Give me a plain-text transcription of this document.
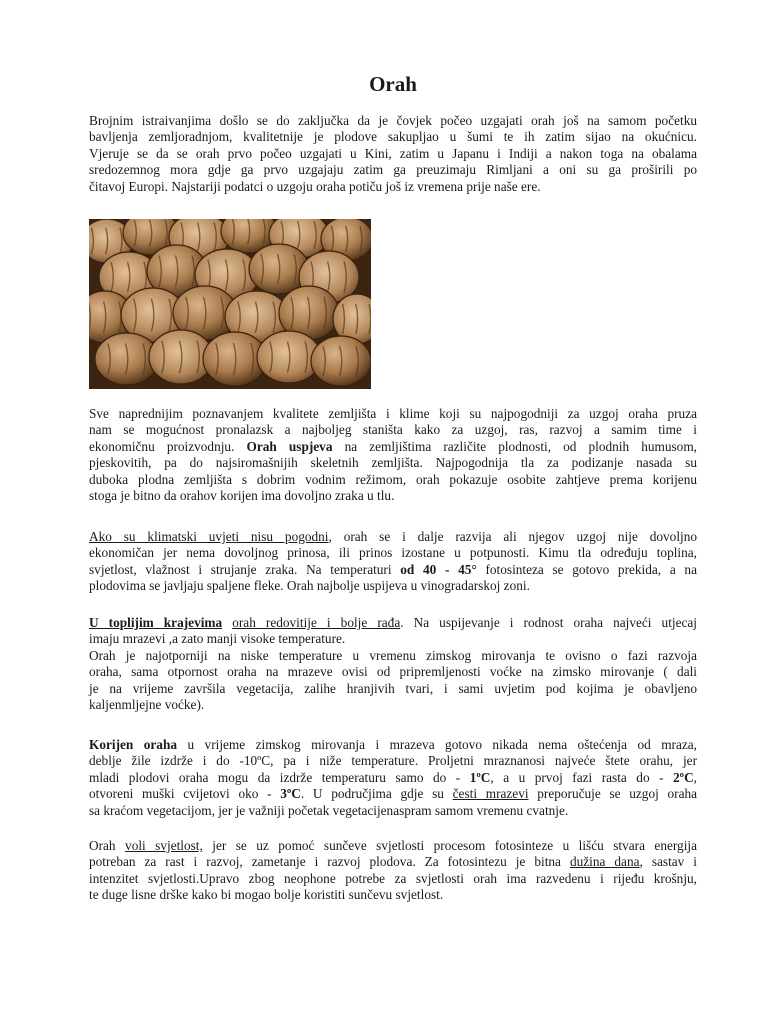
Orah

Brojnim istraivanjima došlo se do zaključka da je čovjek počeo uzgajati orah još na samom početku
bavljenja zemljoradnjom, kvalitetnije je plodove sakupljao u šumi te ih zatim sijao na okućnicu.
Vjeruje se da se orah prvo počeo uzgajati u Kini, zatim u Japanu i Indiji a nakon toga na obalama
sredozemnog mora gdje ga prvo uzgajaju zatim ga preuzimaju Rimljani a oni su ga proširili po
čitavoj Europi. Najstariji podatci o uzgoju oraha potiču još iz vremena prije naše ere.

Sve naprednijim poznavanjem kvalitete zemljišta i klime koji su najpogodniji za uzgoj oraha pruza
nam se mogućnost pronalazsk a najboljeg staništa kako za uzgoj, ras, razvoj a samim time i
ekonomičnu proizvodnju. Orah uspjeva na zemljištima različite plodnosti, od plodnih humusom,
pjeskovitih, pa do najsiromašnijih skeletnih zemljišta. Najpogodnija tla za podizanje nasada su
duboka plodna zemljišta s dobrim vodnim režimom, orah pokazuje osobite zahtjeve prema korijenu
stoga je bitno da orahov korijen ima dovoljno zraka u tlu.

Ako su klimatski uvjeti nisu pogodni, orah se i dalje razvija ali njegov uzgoj nije dovoljno
ekonomičan jer nema dovoljnog prinosa, ili prinos izostane u potpunosti. Kimu tla određuju toplina,
svjetlost, vlažnost i strujanje zraka. Na temperaturi od 40 - 45° fotosinteza se gotovo prekida, a na
plodovima se javljaju spaljene fleke. Orah najbolje uspijeva u vinogradarskoj zoni.

U toplijim krajevima orah redovitije i bolje rađa. Na uspijevanje i rodnost oraha najveći utjecaj
imaju mrazevi ,a zato manji visoke temperature.
Orah je najotporniji na niske temperature u vremenu zimskog mirovanja te ovisno o fazi razvoja
oraha, sama otpornost oraha na mrazeve ovisi od pripremljenosti voćke na zimsko mirovanje ( dali
je na vrijeme završila vegetacija, zalihe hranjivih tvari, i sami uvjetim pod kojima je obavljeno
kaljenmljejne voćke).

Korijen oraha u vrijeme zimskog mirovanja i mrazeva gotovo nikada nema oštećenja od mraza,
deblje žile izdrže i do -10ºC, pa i niže temperature. Proljetni mraznanosi najveće štete orahu, jer
mladi plodovi oraha mogu da izdrže temperaturu samo do - 1ºC, a u prvoj fazi rasta do - 2ºC,
otvoreni muški cvijetovi oko - 3ºC. U područjima gdje su česti mrazevi preporučuje se uzgoj oraha
sa kraćom vegetacijom, jer je važniji početak vegetacijenaspram samom vremenu cvatnje.

Orah voli svjetlost, jer se uz pomoć sunčeve svjetlosti procesom fotosinteze u lišću stvara energija
potreban za rast i razvoj, zametanje i razvoj plodova. Za fotosintezu je bitna dužina dana, sastav i
intenzitet svjetlosti.Upravo zbog neophone potrebe za svjetlosti orah ima razvedenu i rijeđu krošnju,
te duge lisne drške kako bi mogao bolje koristiti sunčevu svjetlost.
